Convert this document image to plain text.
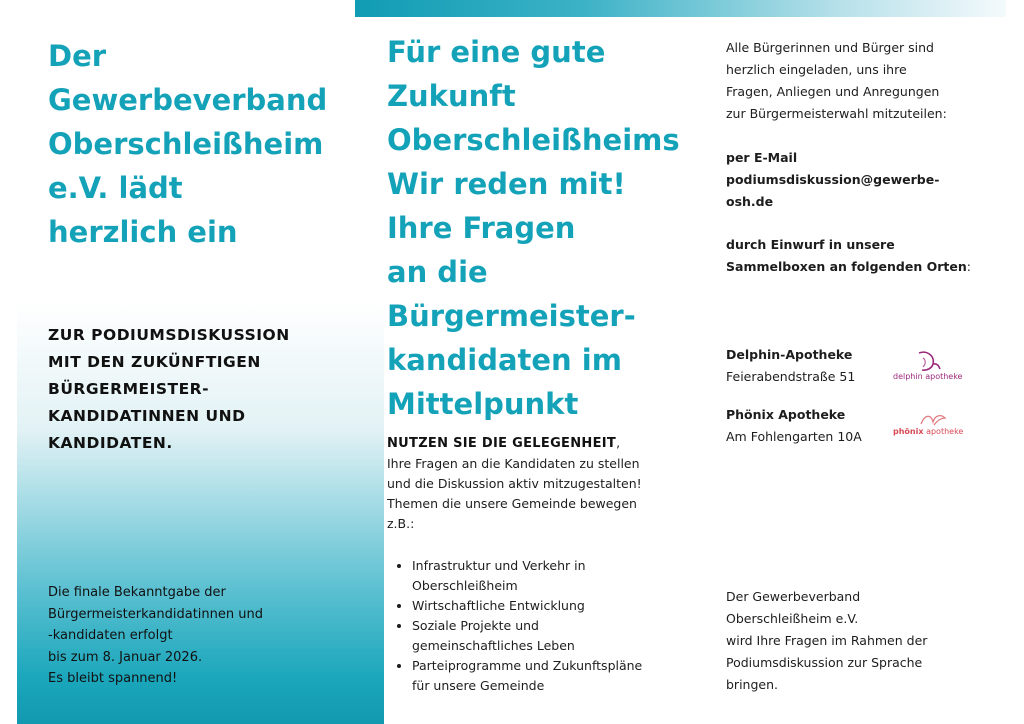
Der
Gewerbeverband
Oberschleißheim
e.V. lädt
herzlich ein
ZUR PODIUMSDISKUSSION
MIT DEN ZUKÜNFTIGEN
BÜRGERMEISTER-
KANDIDATINNEN UND
KANDIDATEN.
Die finale Bekanntgabe der
Bürgermeisterkandidatinnen und
-kandidaten erfolgt
bis zum 8. Januar 2026.
Es bleibt spannend!
Für eine gute
Zukunft
Oberschleißheims
Wir reden mit!
Ihre Fragen
an die
Bürgermeister-
kandidaten im
Mittelpunkt
NUTZEN SIE DIE GELEGENHEIT,
Ihre Fragen an die Kandidaten zu stellen
und die Diskussion aktiv mitzugestalten!
Themen die unsere Gemeinde bewegen
z.B.:
• Infrastruktur und Verkehr in
Oberschleißheim
• Wirtschaftliche Entwicklung
• Soziale Projekte und
gemeinschaftliches Leben
• Parteiprogramme und Zukunftspläne
für unsere Gemeinde
Alle Bürgerinnen und Bürger sind
herzlich eingeladen, uns ihre
Fragen, Anliegen und Anregungen
zur Bürgermeisterwahl mitzuteilen:
per E-Mail
podiumsdiskussion@gewerbe-
osh.de
durch Einwurf in unsere
Sammelboxen an folgenden Orten:
Delphin-Apotheke
Feierabendstraße 51	delphin apotheke
Phönix Apotheke
Am Fohlengarten 10A	phönix apotheke
Der Gewerbeverband
Oberschleißheim e.V.
wird Ihre Fragen im Rahmen der
Podiumsdiskussion zur Sprache
bringen.
